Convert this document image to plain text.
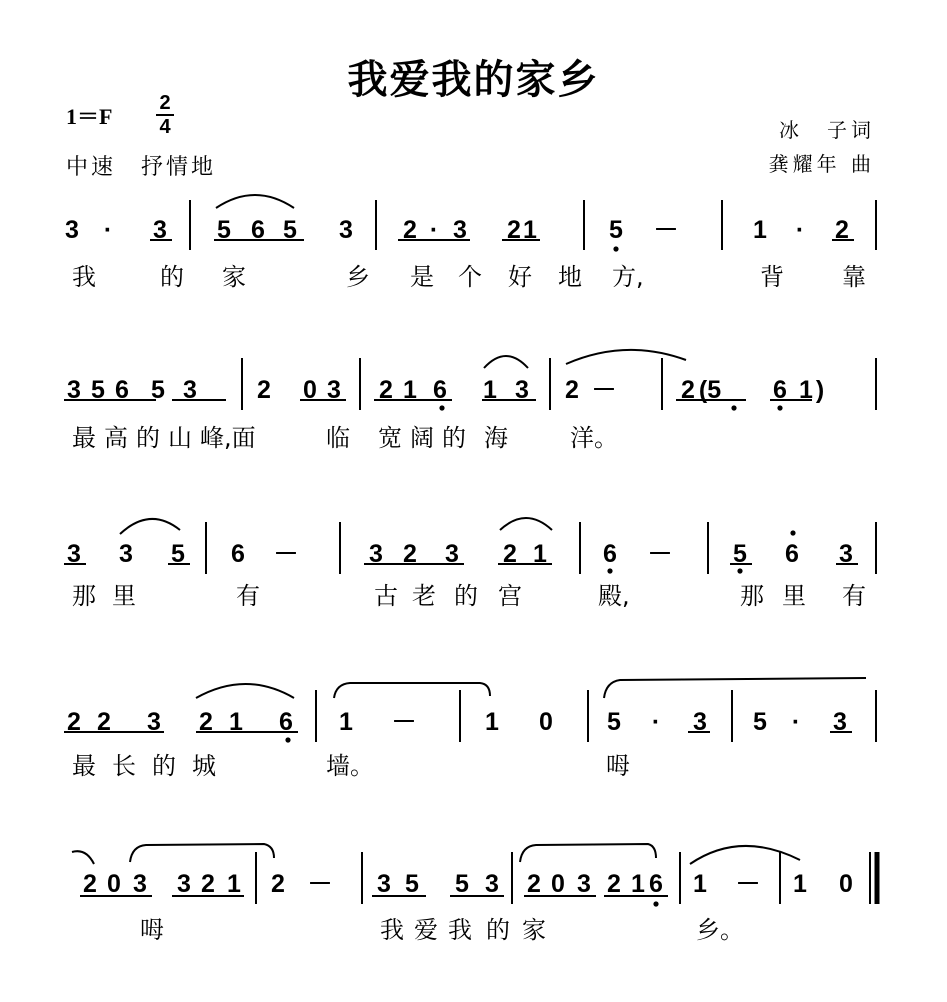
我爱我的家乡
1＝F
2
4
中速　抒情地
冰　子词
龚耀年 曲
3 · 3 5 6 5 3 2 · 3 2 1	5 －	1 · 2
3 5 6 5 3 2 0 3 2 1 6 1 3 2 －	2 (5 6 1 )
3 3 5 6 －	3 2 3 2 1 6 － 5 6 3
2 2 3 2 1 6 1 －	1 0 5 · 3 5 · 3
2 0 3 3 2 1 2 － 3 5 5 3 2 0 3 2 1 6 1 － 1 0
我	的 家	乡 是 个 好 地 方,	背 靠
最 高 的 山 峰,面	临 宽 阔 的 海	洋。
那 里	有	古 老 的 宫	殿,	那 里 有
最 长 的 城	墙。	呣
呣	我 爱 我 的 家	乡。
